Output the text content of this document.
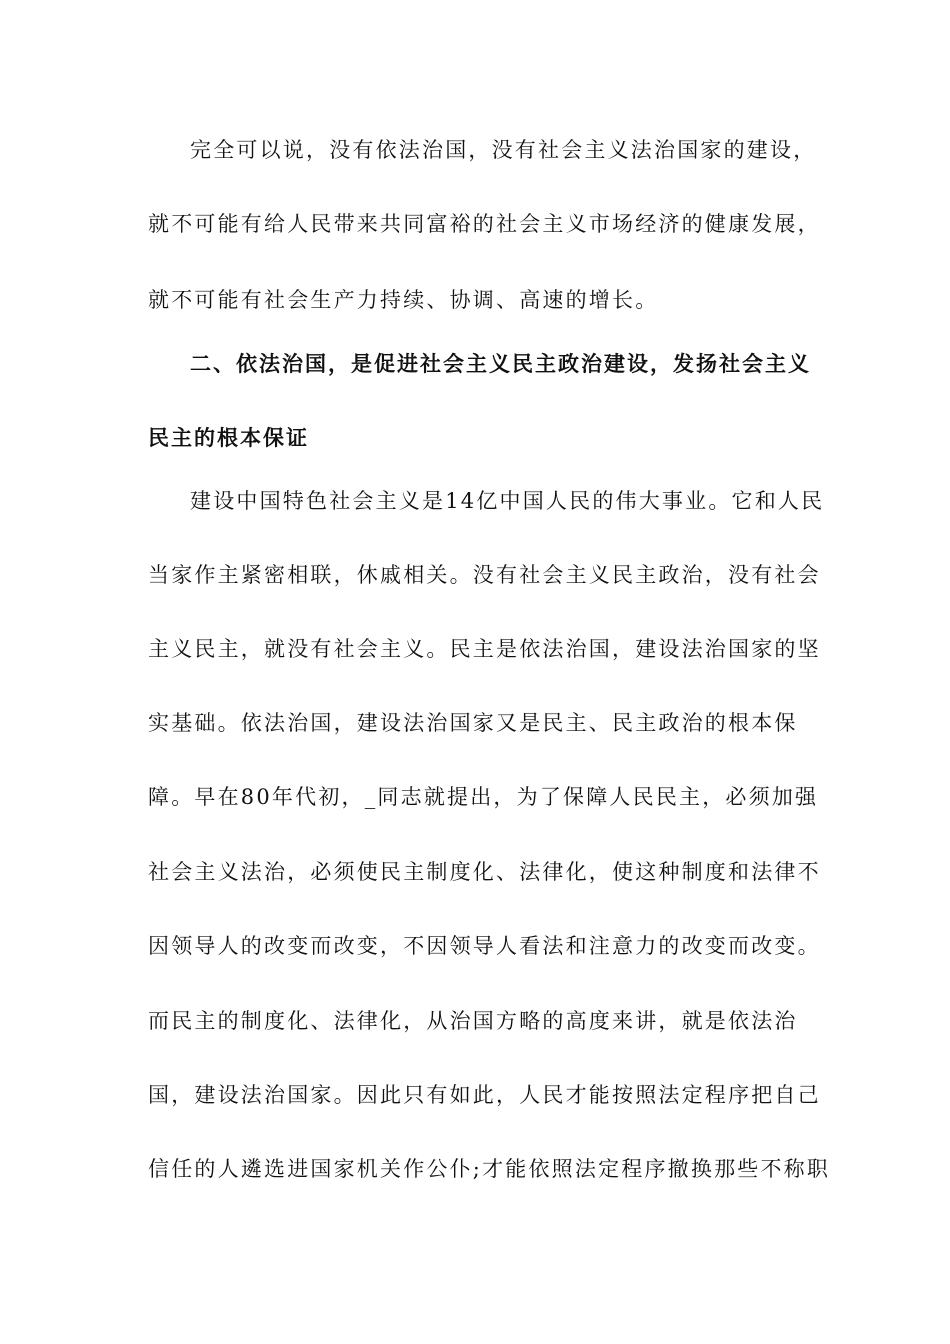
完全可以说，没有依法治国，没有社会主义法治国家的建设，
就不可能有给人民带来共同富裕的社会主义市场经济的健康发展，
就不可能有社会生产力持续、协调、高速的增长。
二、依法治国，是促进社会主义民主政治建设，发扬社会主义
民主的根本保证
建设中国特色社会主义是14亿中国人民的伟大事业。它和人民
当家作主紧密相联，休戚相关。没有社会主义民主政治，没有社会
主义民主，就没有社会主义。民主是依法治国，建设法治国家的坚
实基础。依法治国，建设法治国家又是民主、民主政治的根本保
障。早在80年代初，_同志就提出，为了保障人民民主，必须加强
社会主义法治，必须使民主制度化、法律化，使这种制度和法律不
因领导人的改变而改变，不因领导人看法和注意力的改变而改变。
而民主的制度化、法律化，从治国方略的高度来讲，就是依法治
国，建设法治国家。因此只有如此，人民才能按照法定程序把自己
信任的人遴选进国家机关作公仆;才能依照法定程序撤换那些不称职
